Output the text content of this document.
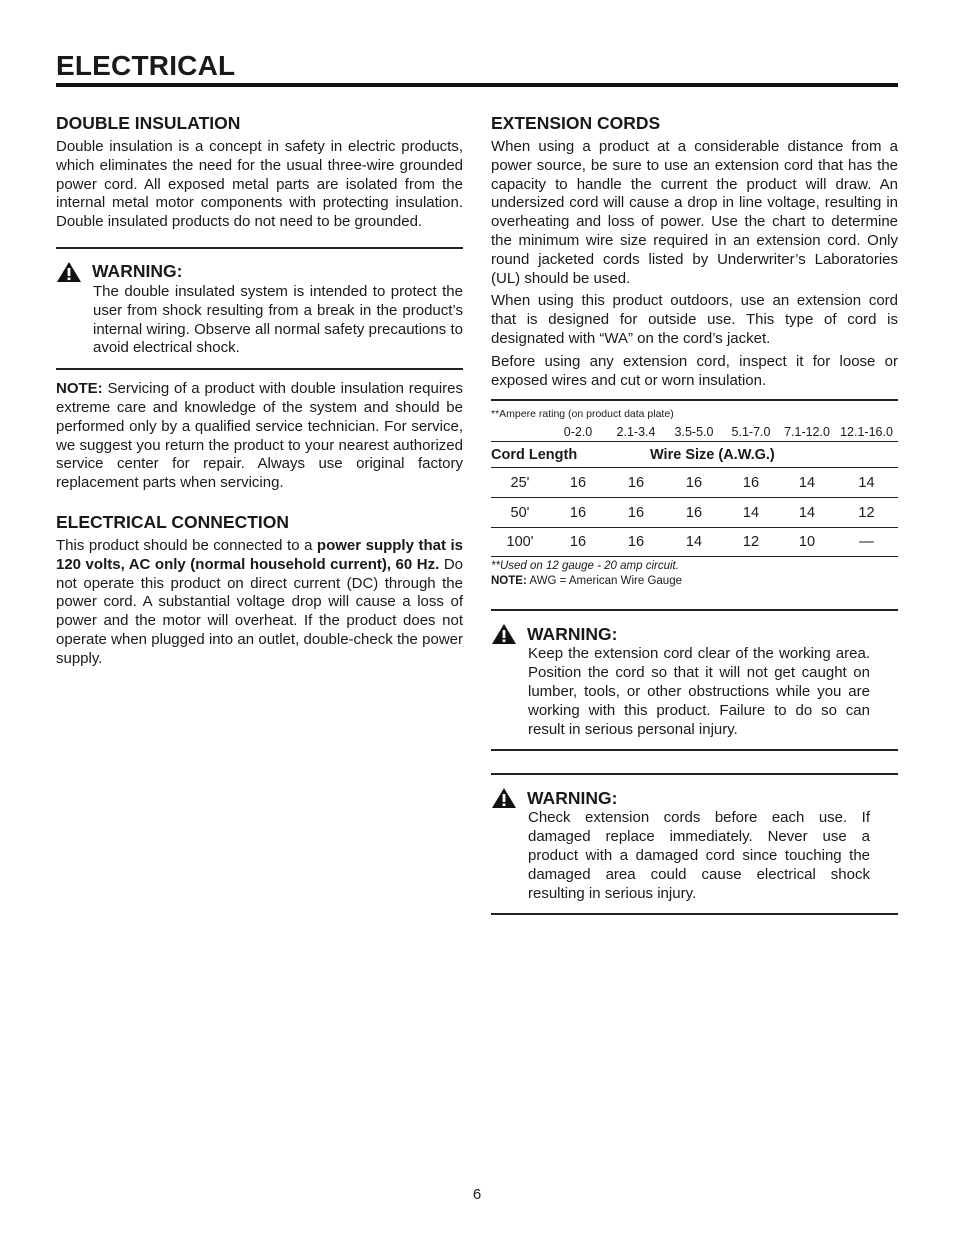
ELECTRICAL
DOUBLE INSULATION

Double insulation is a concept in safety in electric products, which eliminates the need for the usual three-wire grounded power cord. All exposed metal parts are isolated from the internal metal motor components with protecting insulation. Double insulated products do not need to be grounded.

WARNING:
The double insulated system is intended to protect the user from shock resulting from a break in the product’s internal wiring. Observe all normal safety precautions to avoid electrical shock.

NOTE: Servicing of a product with double insulation requires extreme care and knowledge of the system and should be performed only by a qualified service technician. For service, we suggest you return the product to your nearest authorized service center for repair. Always use original factory replacement parts when servicing.

ELECTRICAL CONNECTION

This product should be connected to a power supply that is 120 volts, AC only (normal household current), 60 Hz. Do not operate this product on direct current (DC) through the power cord. A substantial voltage drop will cause a loss of power and the motor will overheat. If the product does not operate when plugged into an outlet, double-check the power supply.

EXTENSION CORDS

When using a product at a considerable distance from a power source, be sure to use an extension cord that has the capacity to handle the current the product will draw. An undersized cord will cause a drop in line voltage, resulting in overheating and loss of power. Use the chart to determine the minimum wire size required in an extension cord. Only round jacketed cords listed by Underwriter’s Laboratories (UL) should be used.

When using this product outdoors, use an extension cord that is designed for outside use. This type of cord is designated with “WA” on the cord’s jacket.

Before using any extension cord, inspect it for loose or exposed wires and cut or worn insulation.

**Ampere rating (on product data plate)
	0-2.0	2.1-3.4	3.5-5.0	5.1-7.0	7.1-12.0	12.1-16.0
Cord Length		Wire Size (A.W.G.)				
25'	16	16	16	16	14	14
50'	16	16	16	14	14	12
100'	16	16	14	12	10	—
**Used on 12 gauge - 20 amp circuit.
NOTE: AWG = American Wire Gauge
WARNING:
Keep the extension cord clear of the working area. Position the cord so that it will not get caught on lumber, tools, or other obstructions while you are working with this product. Failure to do so can result in serious personal injury.
WARNING:
Check extension cords before each use. If damaged replace immediately. Never use a product with a damaged cord since touching the damaged area could cause electrical shock resulting in serious injury.
6
